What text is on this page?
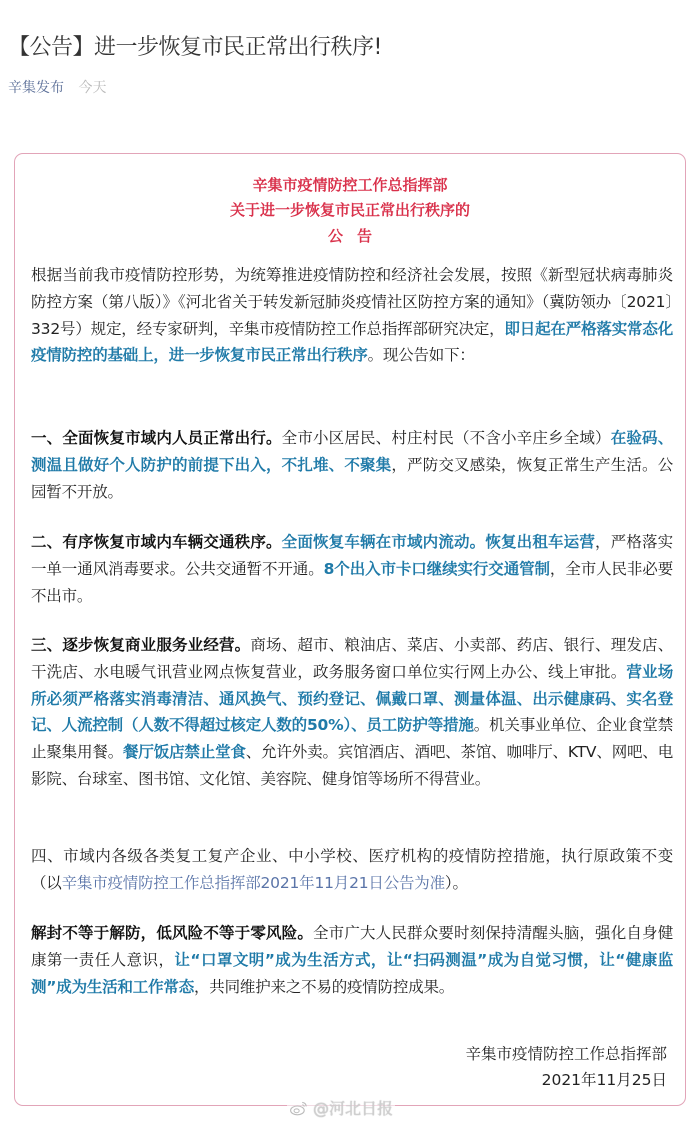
【公告】进一步恢复市民正常出行秩序!
辛集发布 今天
辛集市疫情防控工作总指挥部
关于进一步恢复市民正常出行秩序的
公告

根据当前我市疫情防控形势，为统筹推进疫情防控和经济社会发展，按照《新型冠状病毒肺炎防控方案（第八版）》《河北省关于转发新冠肺炎疫情社区防控方案的通知》（冀防领办〔2021〕332号）规定，经专家研判，辛集市疫情防控工作总指挥部研究决定，即日起在严格落实常态化疫情防控的基础上，进一步恢复市民正常出行秩序。现公告如下：

一、全面恢复市域内人员正常出行。全市小区居民、村庄村民（不含小辛庄乡全域）在验码、测温且做好个人防护的前提下出入，不扎堆、不聚集，严防交叉感染，恢复正常生产生活。公园暂不开放。

二、有序恢复市域内车辆交通秩序。全面恢复车辆在市域内流动。恢复出租车运营，严格落实一单一通风消毒要求。公共交通暂不开通。8个出入市卡口继续实行交通管制，全市人民非必要不出市。

三、逐步恢复商业服务业经营。商场、超市、粮油店、菜店、小卖部、药店、银行、理发店、干洗店、水电暖气讯营业网点恢复营业，政务服务窗口单位实行网上办公、线上审批。营业场所必须严格落实消毒清洁、通风换气、预约登记、佩戴口罩、测量体温、出示健康码、实名登记、人流控制（人数不得超过核定人数的50%）、员工防护等措施。机关事业单位、企业食堂禁止聚集用餐。餐厅饭店禁止堂食、允许外卖。宾馆酒店、酒吧、茶馆、咖啡厅、KTV、网吧、电影院、台球室、图书馆、文化馆、美容院、健身馆等场所不得营业。

四、市域内各级各类复工复产企业、中小学校、医疗机构的疫情防控措施，执行原政策不变（以辛集市疫情防控工作总指挥部2021年11月21日公告为准）。

解封不等于解防，低风险不等于零风险。全市广大人民群众要时刻保持清醒头脑，强化自身健康第一责任人意识，让“口罩文明”成为生活方式，让“扫码测温”成为自觉习惯，让“健康监测”成为生活和工作常态，共同维护来之不易的疫情防控成果。

辛集市疫情防控工作总指挥部
2021年11月25日
@河北日报
